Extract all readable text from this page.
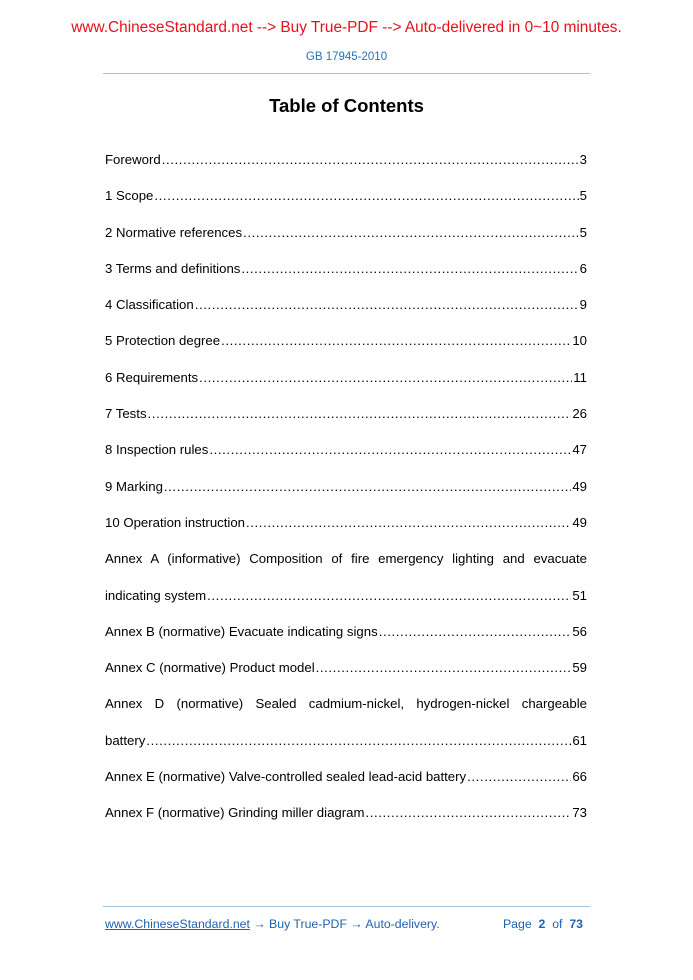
www.ChineseStandard.net --> Buy True-PDF --> Auto-delivered in 0~10 minutes.
GB 17945-2010
Table of Contents
Foreword .....	3
1 Scope .....	5
2 Normative references .....	5
3 Terms and definitions .....	6
4 Classification .....	9
5 Protection degree .....	10
6 Requirements .....	11
7 Tests .....	26
8 Inspection rules .....	47
9 Marking .....	49
10 Operation instruction .....	49
Annex A (informative) Composition of fire emergency lighting and evacuate
indicating system .....	51
Annex B (normative) Evacuate indicating signs .....	56
Annex C (normative) Product model .....	59
Annex D (normative) Sealed cadmium-nickel, hydrogen-nickel chargeable
battery .....	61
Annex E (normative) Valve-controlled sealed lead-acid battery .....	66
Annex F (normative) Grinding miller diagram .....	73
www.ChineseStandard.net → Buy True-PDF → Auto-delivery.	Page 2 of 73
